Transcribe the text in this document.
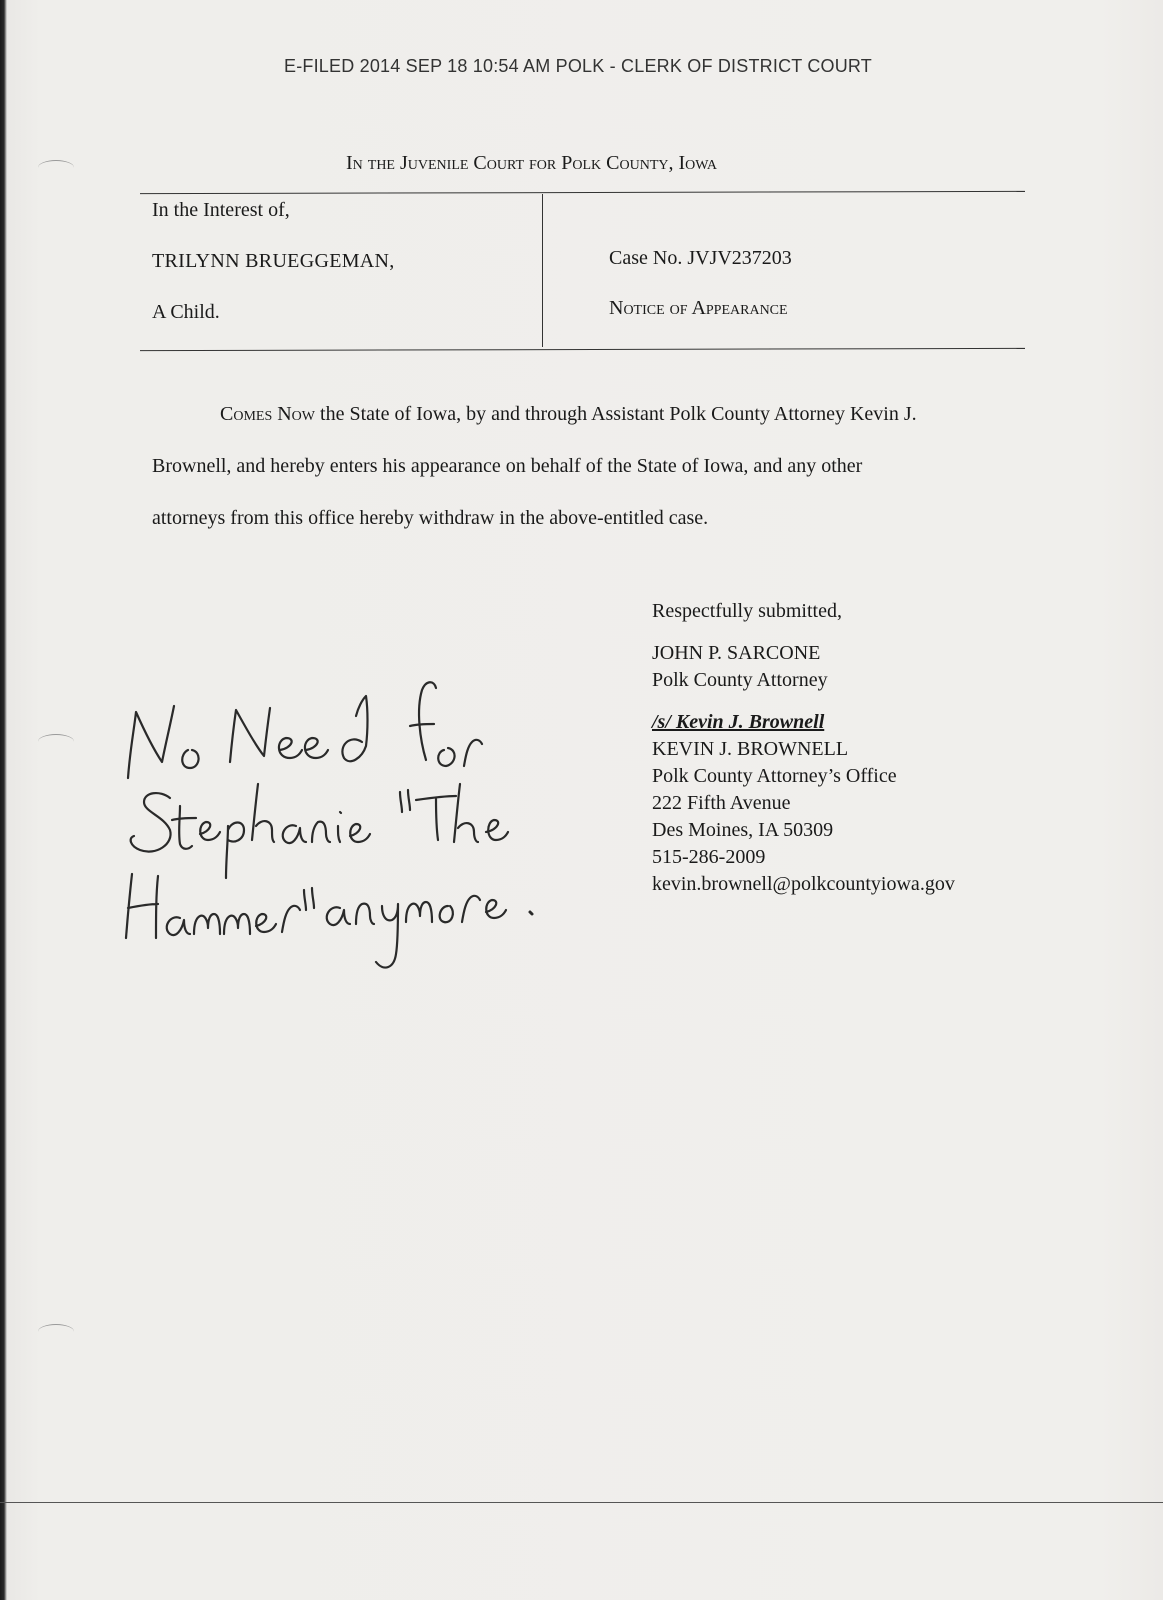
E-FILED 2014 SEP 18 10:54 AM POLK - CLERK OF DISTRICT COURT
In the Juvenile Court for Polk County, Iowa
In the Interest of,
TRILYNN BRUEGGEMAN,
A Child.
Case No. JVJV237203
Notice of Appearance
Comes Now the State of Iowa, by and through Assistant Polk County Attorney Kevin J.
Brownell, and hereby enters his appearance on behalf of the State of Iowa, and any other
attorneys from this office hereby withdraw in the above-entitled case.
Respectfully submitted,
JOHN P. SARCONE
Polk County Attorney
/s/ Kevin J. Brownell
KEVIN J. BROWNELL
Polk County Attorney’s Office
222 Fifth Avenue
Des Moines, IA 50309
515-286-2009
kevin.brownell@polkcountyiowa.gov
